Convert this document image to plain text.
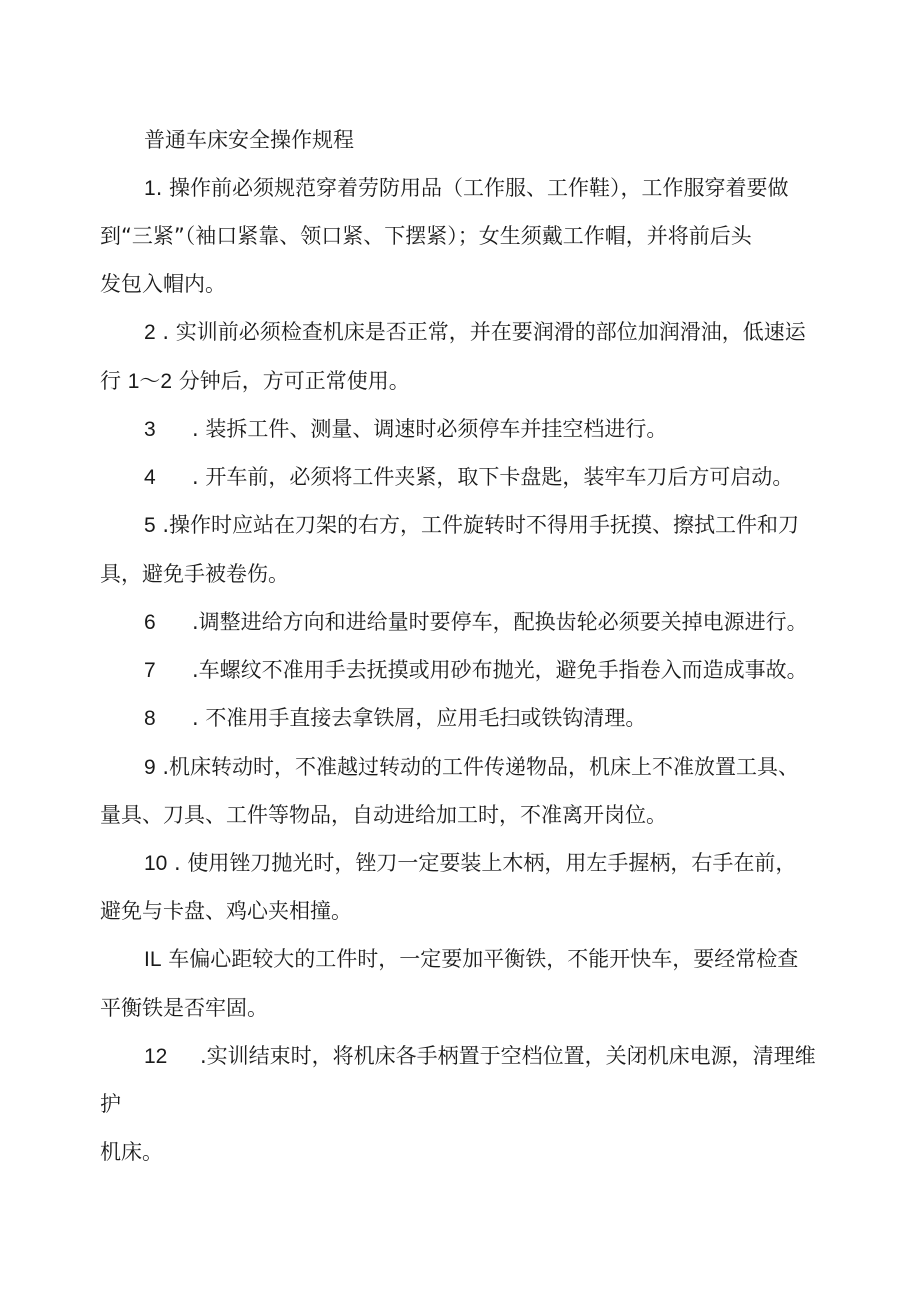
普通车床安全操作规程
1. 操作前必须规范穿着劳防用品（工作服、工作鞋），工作服穿着要做
到“三紧”（袖口紧靠、领口紧、下摆紧）；女生须戴工作帽，并将前后头
发包入帽内。
2 . 实训前必须检查机床是否正常，并在要润滑的部位加润滑油，低速运
行 1～2 分钟后，方可正常使用。
3 . 装拆工件、测量、调速时必须停车并挂空档进行。
4 . 开车前，必须将工件夹紧，取下卡盘匙，装牢车刀后方可启动。
5 .操作时应站在刀架的右方，工件旋转时不得用手抚摸、擦拭工件和刀
具，避免手被卷伤。
6 .调整进给方向和进给量时要停车，配换齿轮必须要关掉电源进行。
7 .车螺纹不准用手去抚摸或用砂布抛光，避免手指卷入而造成事故。
8 . 不准用手直接去拿铁屑，应用毛扫或铁钩清理。
9 .机床转动时，不准越过转动的工件传递物品，机床上不准放置工具、
量具、刀具、工件等物品，自动进给加工时，不准离开岗位。
10 . 使用锉刀抛光时，锉刀一定要装上木柄，用左手握柄，右手在前，
避免与卡盘、鸡心夹相撞。
IL 车偏心距较大的工件时，一定要加平衡铁，不能开快车，要经常检查
平衡铁是否牢固。
12 .实训结束时，将机床各手柄置于空档位置，关闭机床电源，清理维
护
机床。
